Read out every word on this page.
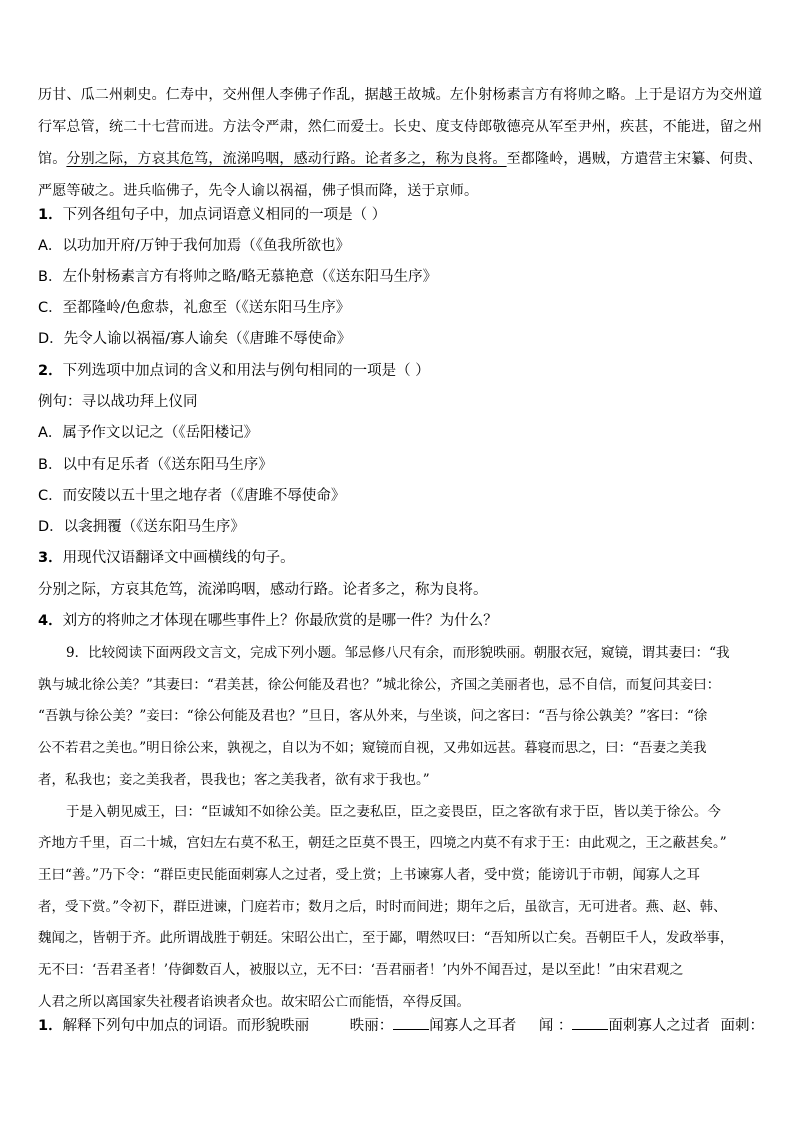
历甘、瓜二州刺史。仁寿中，交州俚人李佛子作乱，据越王故城。左仆射杨素言方有将帅之略。上于是诏方为交州道
行军总管，统二十七营而进。方法令严肃，然仁而爱士。长史、度支侍郎敬德亮从军至尹州，疾甚，不能进，留之州
馆。分别之际，方哀其危笃，流涕呜咽，感动行路。论者多之，称为良将。至都隆岭，遇贼，方遣营主宋纂、何贵、
严愿等破之。进兵临佛子，先令人谕以祸福，佛子惧而降，送于京师。
1．下列各组句子中，加点词语意义相同的一项是（ ）
A．以功加开府/万钟于我何加焉（《鱼我所欲也》
B．左仆射杨素言方有将帅之略/略无慕艳意（《送东阳马生序》
C．至都隆岭/色愈恭，礼愈至（《送东阳马生序》
D．先令人谕以祸福/寡人谕矣（《唐雎不辱使命》
2．下列选项中加点词的含义和用法与例句相同的一项是（ ）
例句：寻以战功拜上仪同
A．属予作文以记之（《岳阳楼记》
B．以中有足乐者（《送东阳马生序》
C．而安陵以五十里之地存者（《唐雎不辱使命》
D．以衾拥覆（《送东阳马生序》
3．用现代汉语翻译文中画横线的句子。
分别之际，方哀其危笃，流涕呜咽，感动行路。论者多之，称为良将。
4．刘方的将帅之才体现在哪些事件上？你最欣赏的是哪一件？为什么？
9．比较阅读下面两段文言文，完成下列小题。邹忌修八尺有余，而形貌昳丽。朝服衣冠，窥镜，谓其妻曰：“我
孰与城北徐公美？”其妻曰：“君美甚，徐公何能及君也？”城北徐公，齐国之美丽者也，忌不自信，而复问其妾曰：
“吾孰与徐公美？”妾曰：“徐公何能及君也？”旦日，客从外来，与坐谈，问之客曰：“吾与徐公孰美？”客曰：“徐
公不若君之美也。”明日徐公来，孰视之，自以为不如；窥镜而自视，又弗如远甚。暮寝而思之，曰：“吾妻之美我
者，私我也；妾之美我者，畏我也；客之美我者，欲有求于我也。”
于是入朝见威王，曰：“臣诚知不如徐公美。臣之妻私臣，臣之妾畏臣，臣之客欲有求于臣，皆以美于徐公。今
齐地方千里，百二十城，宫妇左右莫不私王，朝廷之臣莫不畏王，四境之内莫不有求于王：由此观之，王之蔽甚矣。”
王曰“善。”乃下令：“群臣吏民能面刺寡人之过者，受上赏；上书谏寡人者，受中赏；能谤讥于市朝，闻寡人之耳
者，受下赏。”令初下，群臣进谏，门庭若市；数月之后，时时而间进；期年之后，虽欲言，无可进者。燕、赵、韩、
魏闻之，皆朝于齐。此所谓战胜于朝廷。宋昭公出亡，至于鄙，喟然叹曰：“吾知所以亡矣。吾朝臣千人，发政举事，
无不曰：‘吾君圣者！’侍御数百人，被服以立，无不曰：‘吾君丽者！’内外不闻吾过，是以至此！”由宋君观之
人君之所以离国家失社稷者谄谀者众也。故宋昭公亡而能悟，卒得反国。
1．解释下列句中加点的词语。而形貌昳丽	昳丽： 闻寡人之耳者 闻 ： 面刺寡人之过者 面刺：
